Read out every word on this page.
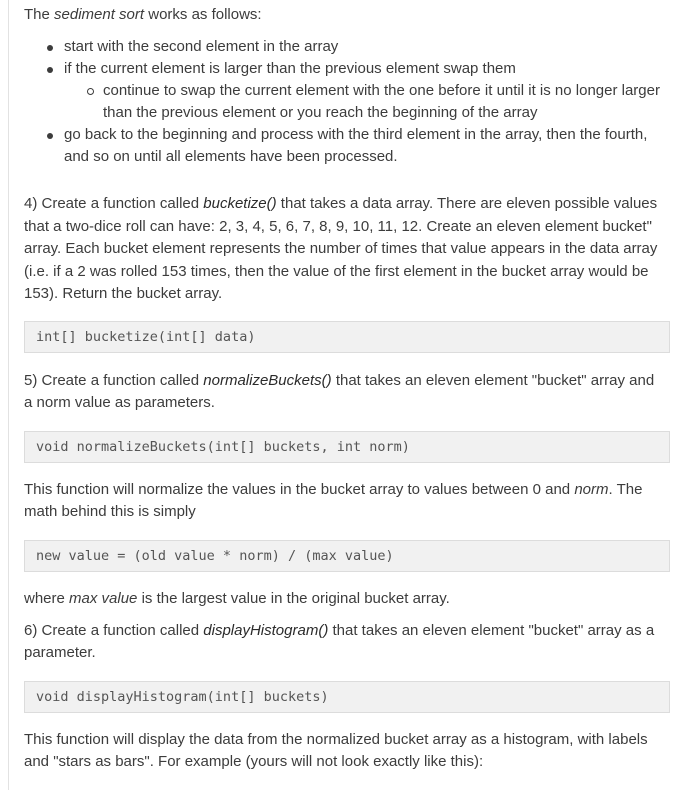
The sediment sort works as follows:

start with the second element in the array
if the current element is larger than the previous element swap them
continue to swap the current element with the one before it until it is no longer larger than the previous element or you reach the beginning of the array
go back to the beginning and process with the third element in the array, then the fourth, and so on until all elements have been processed.

4) Create a function called bucketize() that takes a data array. There are eleven possible values that a two-dice roll can have: 2, 3, 4, 5, 6, 7, 8, 9, 10, 11, 12. Create an eleven element bucket" array. Each bucket element represents the number of times that value appears in the data array (i.e. if a 2 was rolled 153 times, then the value of the first element in the bucket array would be 153). Return the bucket array.

int[] bucketize(int[] data)

5) Create a function called normalizeBuckets() that takes an eleven element "bucket" array and a norm value as parameters.

void normalizeBuckets(int[] buckets, int norm)

This function will normalize the values in the bucket array to values between 0 and norm. The math behind this is simply

new value = (old value * norm) / (max value)

where max value is the largest value in the original bucket array.

6) Create a function called displayHistogram() that takes an eleven element "bucket" array as a parameter.

void displayHistogram(int[] buckets)

This function will display the data from the normalized bucket array as a histogram, with labels and "stars as bars". For example (yours will not look exactly like this):
